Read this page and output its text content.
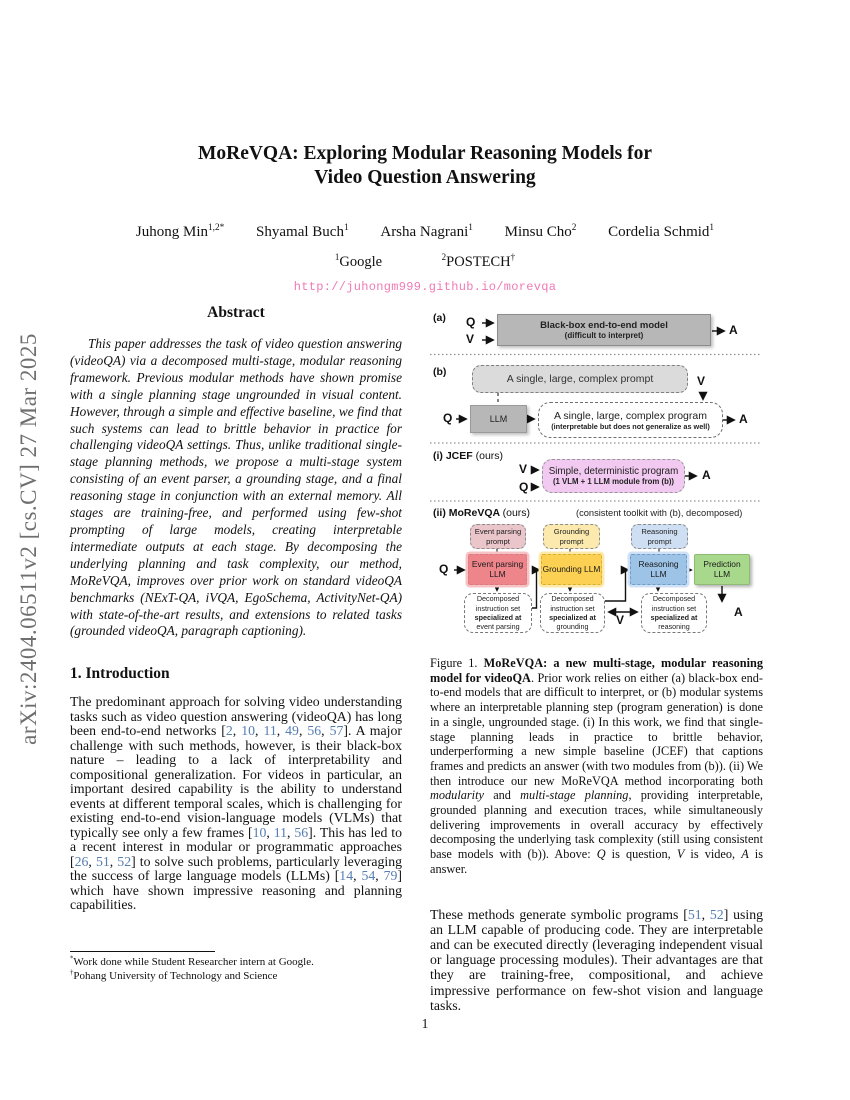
arXiv:2404.06511v2 [cs.CV] 27 Mar 2025
MoReVQA: Exploring Modular Reasoning Models for
Video Question Answering
Juhong Min$^{1,2*}$ Shyamal Buch$^1$ Arsha Nagrani$^1$ Minsu Cho$^2$ Cordelia Schmid$^1$
$^1$Google	$^2$POSTECH†
http://juhongm999.github.io/morevqa
Abstract
This paper addresses the task of video question answering (videoQA) via a decomposed multi-stage, modular reasoning framework. Previous modular methods have shown promise with a single planning stage ungrounded in visual content. However, through a simple and effective baseline, we find that such systems can lead to brittle behavior in practice for challenging videoQA settings. Thus, unlike traditional single-stage planning methods, we propose a multi-stage system consisting of an event parser, a grounding stage, and a final reasoning stage in conjunction with an external memory. All stages are training-free, and performed using few-shot prompting of large models, creating interpretable intermediate outputs at each stage. By decomposing the underlying planning and task complexity, our method, MoReVQA, improves over prior work on standard videoQA benchmarks (NExT-QA, iVQA, EgoSchema, ActivityNet-QA) with state-of-the-art results, and extensions to related tasks (grounded videoQA, paragraph captioning).
1. Introduction
The predominant approach for solving video understanding tasks such as video question answering (videoQA) has long been end-to-end networks [2, 10, 11, 49, 56, 57]. A major challenge with such methods, however, is their black-box nature – leading to a lack of interpretability and compositional generalization. For videos in particular, an important desired capability is the ability to understand events at different temporal scales, which is challenging for existing end-to-end vision-language models (VLMs) that typically see only a few frames [10, 11, 56]. This has led to a recent interest in modular or programmatic approaches [26, 51, 52] to solve such problems, particularly leveraging the success of large language models (LLMs) [14, 54, 79] which have shown impressive reasoning and planning capabilities.
*Work done while Student Researcher intern at Google.
†Pohang University of Technology and Science
(a) Q
V
Black-box end-to-end model
(difficult to interpret)	A
(b)
A single, large, complex prompt	V
Q	LLM	A single, large, complex program
(interpretable but does not generalize as well) A
(i) JCEF (ours)
V
Q
Simple, deterministic program
(1 VLM + 1 LLM module from (b)) A
(ii) MoReVQA (ours)	(consistent toolkit with (b), decomposed)
Event parsing prompt
Grounding prompt
Reasoning prompt
Q	Event parsing LLM	Grounding LLM	Reasoning LLM
Prediction LLM
Decomposed
instruction set
specialized at
event parsing
Decomposed
instruction set
specialized at
grounding
Decomposed
instruction set
specialized at
reasoning
V
A
Figure 1. MoReVQA: a new multi-stage, modular reasoning model for videoQA. Prior work relies on either (a) black-box end-to-end models that are difficult to interpret, or (b) modular systems where an interpretable planning step (program generation) is done in a single, ungrounded stage. (i) In this work, we find that single-stage planning leads in practice to brittle behavior, underperforming a new simple baseline (JCEF) that captions frames and predicts an answer (with two modules from (b)). (ii) We then introduce our new MoReVQA method incorporating both modularity and multi-stage planning, providing interpretable, grounded planning and execution traces, while simultaneously delivering improvements in overall accuracy by effectively decomposing the underlying task complexity (still using consistent base models with (b)). Above: Q is question, V is video, A is answer.
These methods generate symbolic programs [51, 52] using an LLM capable of producing code. They are interpretable and can be executed directly (leveraging independent visual or language processing modules). Their advantages are that they are training-free, compositional, and achieve impressive performance on few-shot vision and language tasks.
1
